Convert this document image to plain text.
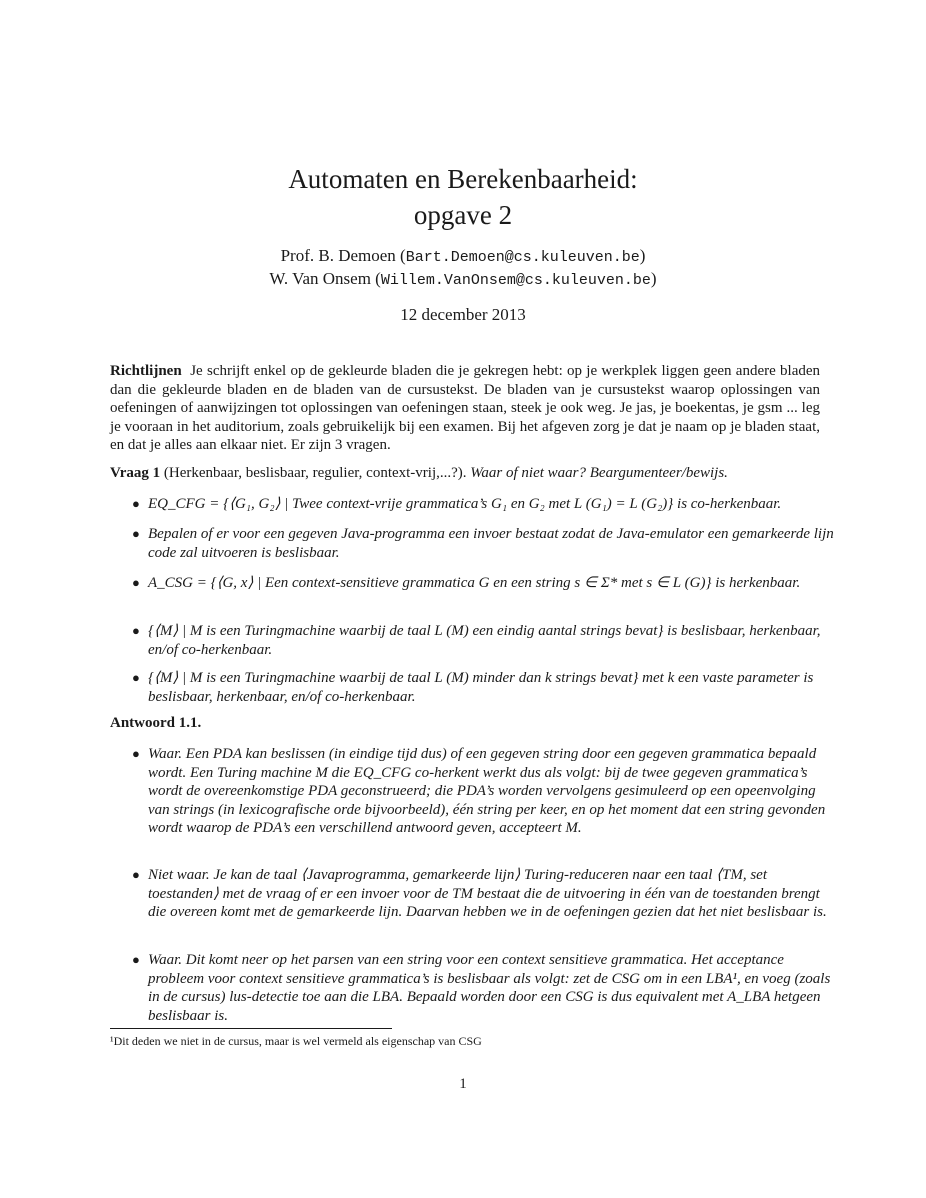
Automaten en Berekenbaarheid:
opgave 2
Prof. B. Demoen (Bart.Demoen@cs.kuleuven.be)
W. Van Onsem (Willem.VanOnsem@cs.kuleuven.be)
12 december 2013
Richtlijnen Je schrijft enkel op de gekleurde bladen die je gekregen hebt: op je werkplek liggen geen andere bladen dan die gekleurde bladen en de bladen van de cursustekst. De bladen van je cursustekst waarop oplossingen van oefeningen of aanwijzingen tot oplossingen van oefeningen staan, steek je ook weg. Je jas, je boekentas, je gsm ... leg je vooraan in het auditorium, zoals gebruikelijk bij een examen. Bij het afgeven zorg je dat je naam op je bladen staat, en dat je alles aan elkaar niet. Er zijn 3 vragen.
Vraag 1 (Herkenbaar, beslisbaar, regulier, context-vrij,...?). Waar of niet waar? Beargumenteer/bewijs.
● EQ_CFG = {⟨G₁, G₂⟩ | Twee context-vrije grammatica’s G₁ en G₂ met L (G₁) = L (G₂)} is co-herkenbaar.
● Bepalen of er voor een gegeven Java-programma een invoer bestaat zodat de Java-emulator een gemarkeerde lijn code zal uitvoeren is beslisbaar.
● A_CSG = {⟨G, x⟩ | Een context-sensitieve grammatica G en een string s ∈ Σ* met s ∈ L (G)} is herkenbaar.
● {⟨M⟩ | M is een Turingmachine waarbij de taal L (M) een eindig aantal strings bevat} is beslisbaar, herkenbaar, en/of co-herkenbaar.
● {⟨M⟩ | M is een Turingmachine waarbij de taal L (M) minder dan k strings bevat} met k een vaste parameter is beslisbaar, herkenbaar, en/of co-herkenbaar.
Antwoord 1.1.
● Waar. Een PDA kan beslissen (in eindige tijd dus) of een gegeven string door een gegeven grammatica bepaald wordt. Een Turing machine M die EQ_CFG co-herkent werkt dus als volgt: bij de twee gegeven grammatica’s wordt de overeenkomstige PDA geconstrueerd; die PDA’s worden vervolgens gesimuleerd op een opeenvolging van strings (in lexicografische orde bijvoorbeeld), één string per keer, en op het moment dat een string gevonden wordt waarop de PDA’s een verschillend antwoord geven, accepteert M.
● Niet waar. Je kan de taal ⟨Javaprogramma, gemarkeerde lijn⟩ Turing-reduceren naar een taal ⟨TM, set toestanden⟩ met de vraag of er een invoer voor de TM bestaat die de uitvoering in één van de toestanden brengt die overeen komt met de gemarkeerde lijn. Daarvan hebben we in de oefeningen gezien dat het niet beslisbaar is.
● Waar. Dit komt neer op het parsen van een string voor een context sensitieve grammatica. Het acceptance probleem voor context sensitieve grammatica’s is beslisbaar als volgt: zet de CSG om in een LBA¹, en voeg (zoals in de cursus) lus-detectie toe aan die LBA. Bepaald worden door een CSG is dus equivalent met A_LBA hetgeen beslisbaar is.
¹Dit deden we niet in de cursus, maar is wel vermeld als eigenschap van CSG
1
